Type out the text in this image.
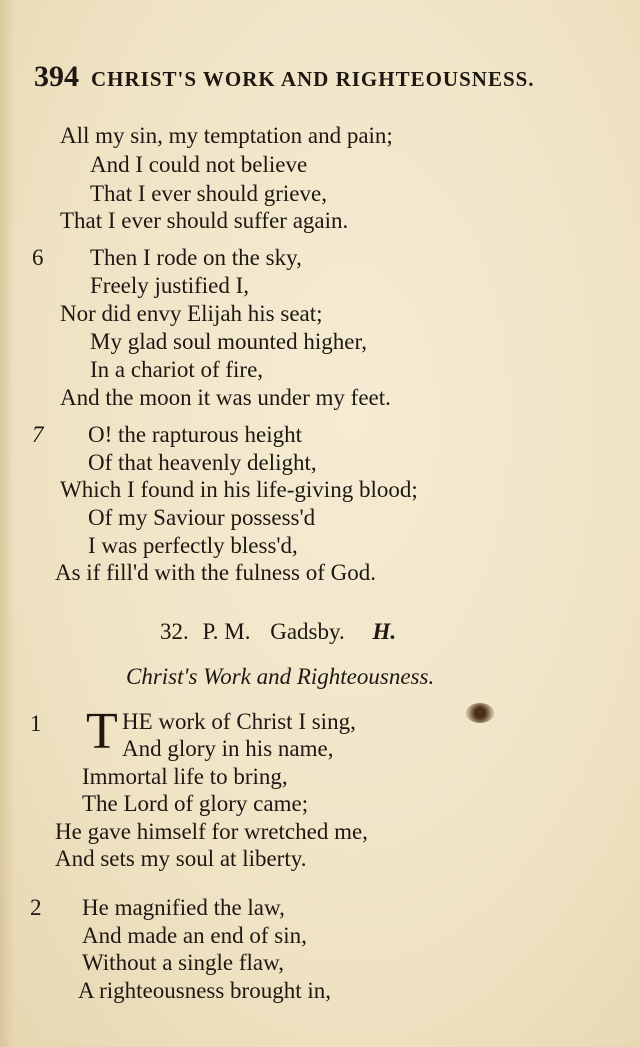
394 CHRIST'S WORK AND RIGHTEOUSNESS.
All my sin, my temptation and pain;
And I could not believe
That I ever should grieve,
That I ever should suffer again.
6 Then I rode on the sky,
Freely justified I,
Nor did envy Elijah his seat;
My glad soul mounted higher,
In a chariot of fire,
And the moon it was under my feet.
7 O! the rapturous height
Of that heavenly delight,
Which I found in his life-giving blood;
Of my Saviour possess'd
I was perfectly bless'd,
As if fill'd with the fulness of God.
32. P. M. Gadsby. H.
Christ's Work and Righteousness.
1 T HE work of Christ I sing,
And glory in his name,
Immortal life to bring,
The Lord of glory came;
He gave himself for wretched me,
And sets my soul at liberty.
2 He magnified the law,
And made an end of sin,
Without a single flaw,
A righteousness brought in,
